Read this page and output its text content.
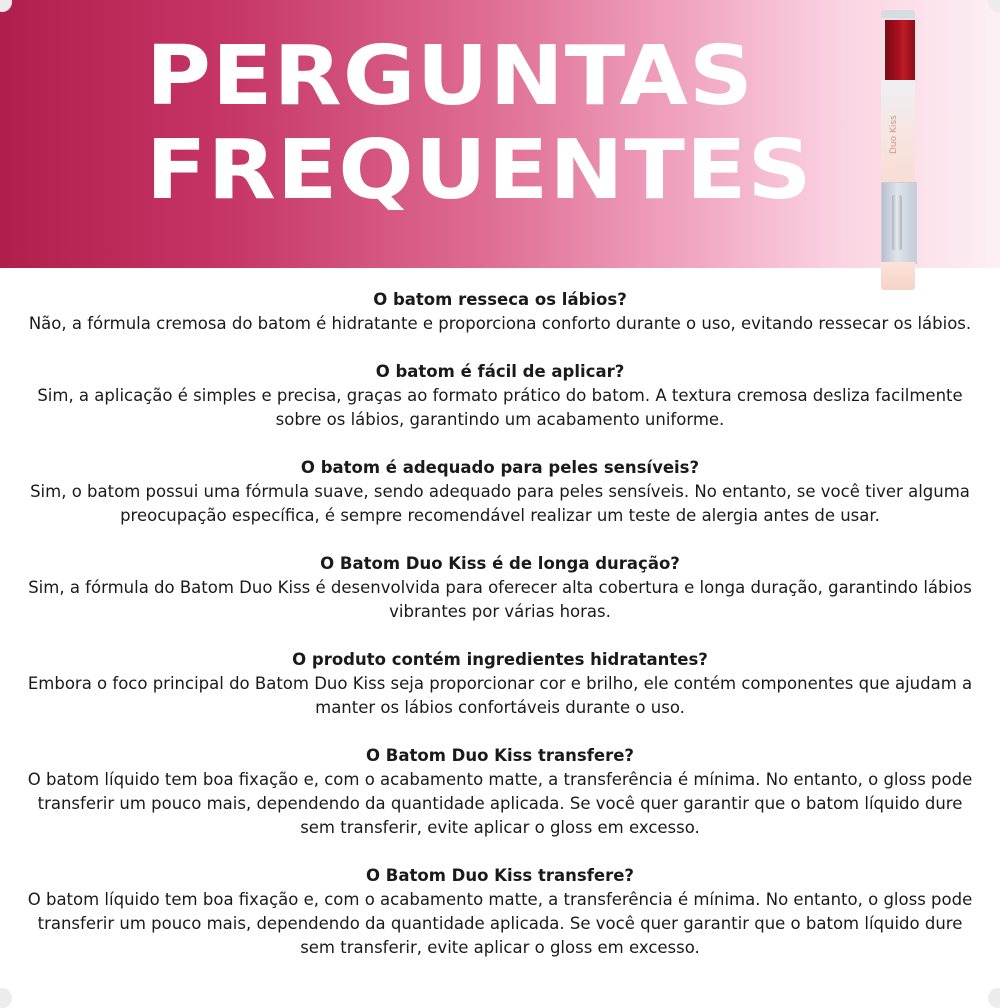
PERGUNTAS
FREQUENTES	Duo Kiss
O batom resseca os lábios?
Não, a fórmula cremosa do batom é hidratante e proporciona conforto durante o uso, evitando ressecar os lábios.
O batom é fácil de aplicar?
Sim, a aplicação é simples e precisa, graças ao formato prático do batom. A textura cremosa desliza facilmente sobre os lábios, garantindo um acabamento uniforme.
O batom é adequado para peles sensíveis?
Sim, o batom possui uma fórmula suave, sendo adequado para peles sensíveis. No entanto, se você tiver alguma preocupação específica, é sempre recomendável realizar um teste de alergia antes de usar.
O Batom Duo Kiss é de longa duração?
Sim, a fórmula do Batom Duo Kiss é desenvolvida para oferecer alta cobertura e longa duração, garantindo lábios vibrantes por várias horas.
O produto contém ingredientes hidratantes?
Embora o foco principal do Batom Duo Kiss seja proporcionar cor e brilho, ele contém componentes que ajudam a manter os lábios confortáveis durante o uso.
O Batom Duo Kiss transfere?
O batom líquido tem boa fixação e, com o acabamento matte, a transferência é mínima. No entanto, o gloss pode transferir um pouco mais, dependendo da quantidade aplicada. Se você quer garantir que o batom líquido dure sem transferir, evite aplicar o gloss em excesso.
O Batom Duo Kiss transfere?
O batom líquido tem boa fixação e, com o acabamento matte, a transferência é mínima. No entanto, o gloss pode transferir um pouco mais, dependendo da quantidade aplicada. Se você quer garantir que o batom líquido dure sem transferir, evite aplicar o gloss em excesso.
